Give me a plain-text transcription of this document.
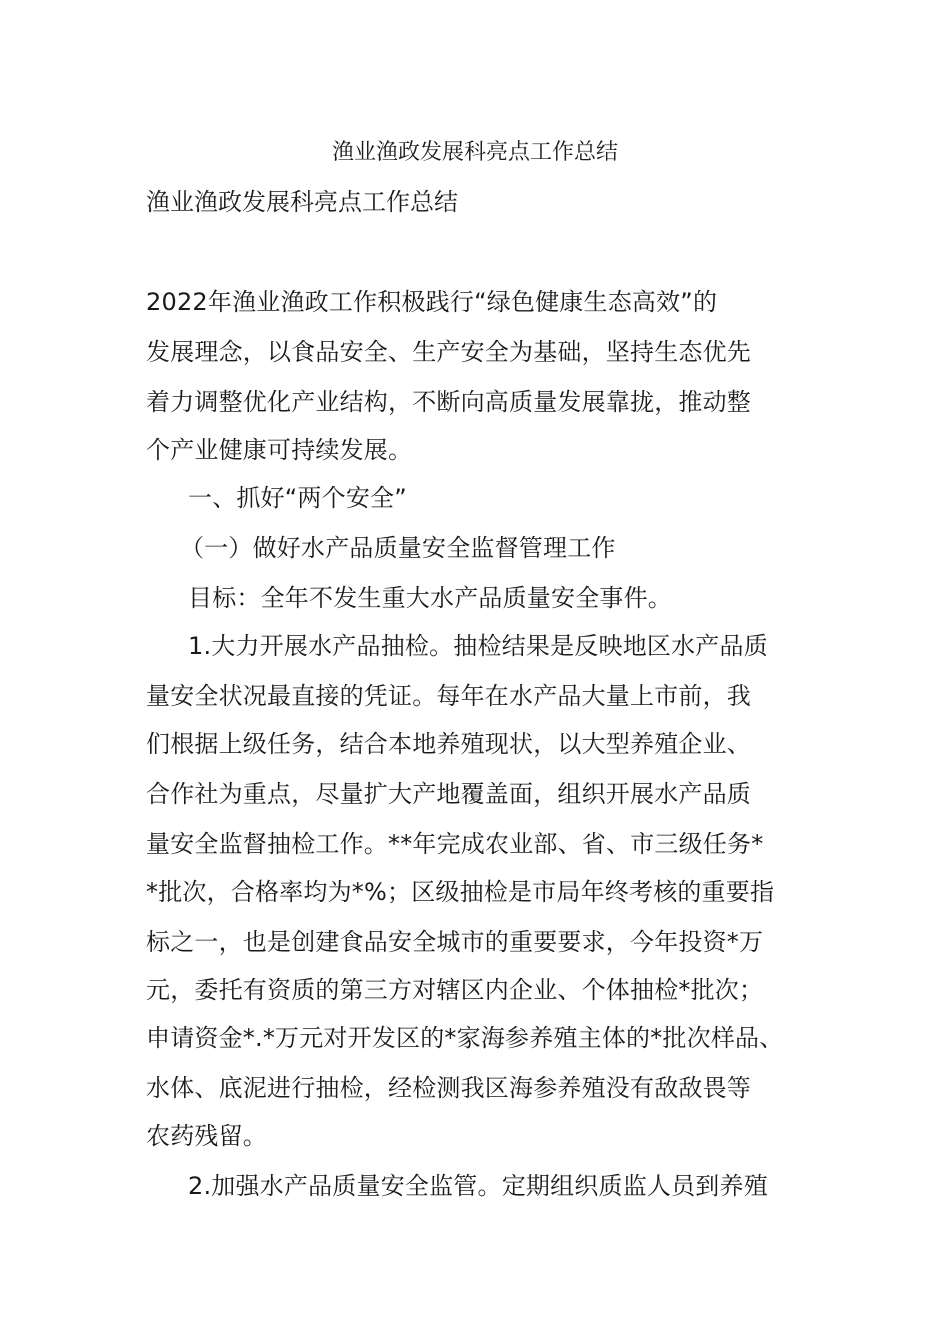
渔业渔政发展科亮点工作总结
渔业渔政发展科亮点工作总结
2022年渔业渔政工作积极践行“绿色健康生态高效”的
发展理念，以食品安全、生产安全为基础，坚持生态优先
着力调整优化产业结构，不断向高质量发展靠拢，推动整
个产业健康可持续发展。
一、抓好“两个安全”
（一）做好水产品质量安全监督管理工作
目标：全年不发生重大水产品质量安全事件。
1.大力开展水产品抽检。抽检结果是反映地区水产品质
量安全状况最直接的凭证。每年在水产品大量上市前，我
们根据上级任务，结合本地养殖现状，以大型养殖企业、
合作社为重点，尽量扩大产地覆盖面，组织开展水产品质
量安全监督抽检工作。**年完成农业部、省、市三级任务*
*批次，合格率均为*%；区级抽检是市局年终考核的重要指
标之一，也是创建食品安全城市的重要要求，今年投资*万
元，委托有资质的第三方对辖区内企业、个体抽检*批次；
申请资金*.*万元对开发区的*家海参养殖主体的*批次样品、
水体、底泥进行抽检，经检测我区海参养殖没有敌敌畏等
农药残留。
2.加强水产品质量安全监管。定期组织质监人员到养殖
